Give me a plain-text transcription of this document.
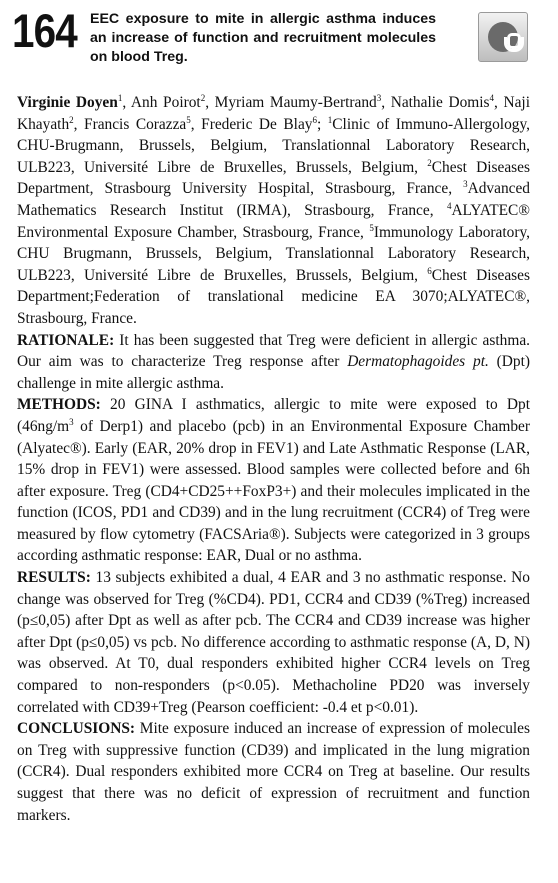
164 EEC exposure to mite in allergic asthma induces an increase of function and recruitment molecules on blood Treg.

Virginie Doyen$^1$, Anh Poirot$^2$, Myriam Maumy-Bertrand$^3$, Nathalie Domis$^4$, Naji Khayath$^2$, Francis Corazza$^5$, Frederic De Blay$^6$; $^1$Clinic of Immuno-Allergology, CHU-Brugmann, Brussels, Belgium, Translationnal Laboratory Research, ULB223, Université Libre de Bruxelles, Brussels, Belgium, $^2$Chest Diseases Department, Strasbourg University Hospital, Strasbourg, France, $^3$Advanced Mathematics Research Institut (IRMA), Strasbourg, France, $^4$ALYATEC® Environmental Exposure Chamber, Strasbourg, France, $^5$Immunology Laboratory, CHU Brugmann, Brussels, Belgium, Translationnal Laboratory Research, ULB223, Université Libre de Bruxelles, Brussels, Belgium, $^6$Chest Diseases Department;Federation of translational medicine EA 3070;ALYATEC®, Strasbourg, France.

RATIONALE: It has been suggested that Treg were deficient in allergic asthma. Our aim was to characterize Treg response after Dermatophagoides pt. (Dpt) challenge in mite allergic asthma.

METHODS: 20 GINA I asthmatics, allergic to mite were exposed to Dpt ($46ng/m^3$ of Derp1) and placebo (pcb) in an Environmental Exposure Chamber (Alyatec®). Early (EAR, 20% drop in FEV1) and Late Asthmatic Response (LAR, 15% drop in FEV1) were assessed. Blood samples were collected before and 6h after exposure. Treg (CD4+CD25++FoxP3+) and their molecules implicated in the function (ICOS, PD1 and CD39) and in the lung recruitment (CCR4) of Treg were measured by flow cytometry (FACSAria®). Subjects were categorized in 3 groups according asthmatic response: EAR, Dual or no asthma.

RESULTS: 13 subjects exhibited a dual, 4 EAR and 3 no asthmatic response. No change was observed for Treg (%CD4). PD1, CCR4 and CD39 (%Treg) increased (p≤0,05) after Dpt as well as after pcb. The CCR4 and CD39 increase was higher after Dpt (p≤0,05) vs pcb. No difference according to asthmatic response (A, D, N) was observed. At T0, dual responders exhibited higher CCR4 levels on Treg compared to non-responders (p<0.05). Methacholine PD20 was inversely correlated with CD39+Treg (Pearson coefficient: -0.4 et p<0.01).

CONCLUSIONS: Mite exposure induced an increase of expression of molecules on Treg with suppressive function (CD39) and implicated in the lung migration (CCR4). Dual responders exhibited more CCR4 on Treg at baseline. Our results suggest that there was no deficit of expression of recruitment and function markers.
